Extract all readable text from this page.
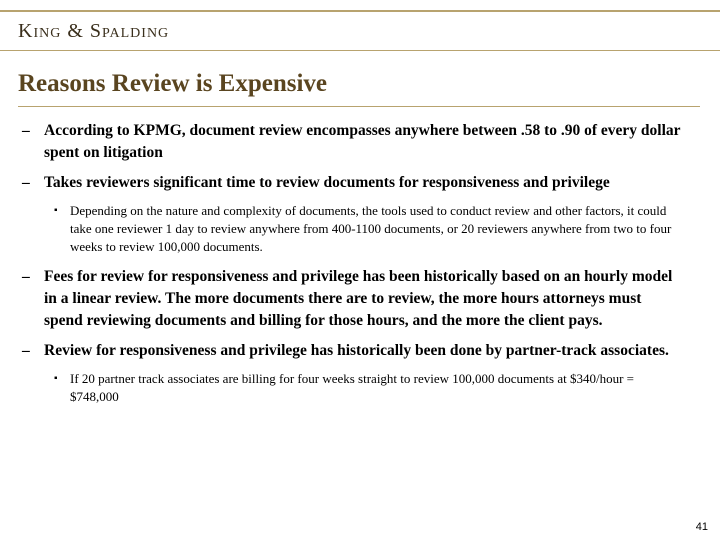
King & Spalding
Reasons Review is Expensive
– According to KPMG, document review encompasses anywhere between .58 to .90 of every dollar spent on litigation
– Takes reviewers significant time to review documents for responsiveness and privilege
▪ Depending on the nature and complexity of documents, the tools used to conduct review and other factors, it could take one reviewer 1 day to review anywhere from 400-1100 documents, or 20 reviewers anywhere from two to four weeks to review 100,000 documents.
– Fees for review for responsiveness and privilege has been historically based on an hourly model in a linear review. The more documents there are to review, the more hours attorneys must spend reviewing documents and billing for those hours, and the more the client pays.
– Review for responsiveness and privilege has historically been done by partner-track associates.
▪ If 20 partner track associates are billing for four weeks straight to review 100,000 documents at $340/hour = $748,000
41
